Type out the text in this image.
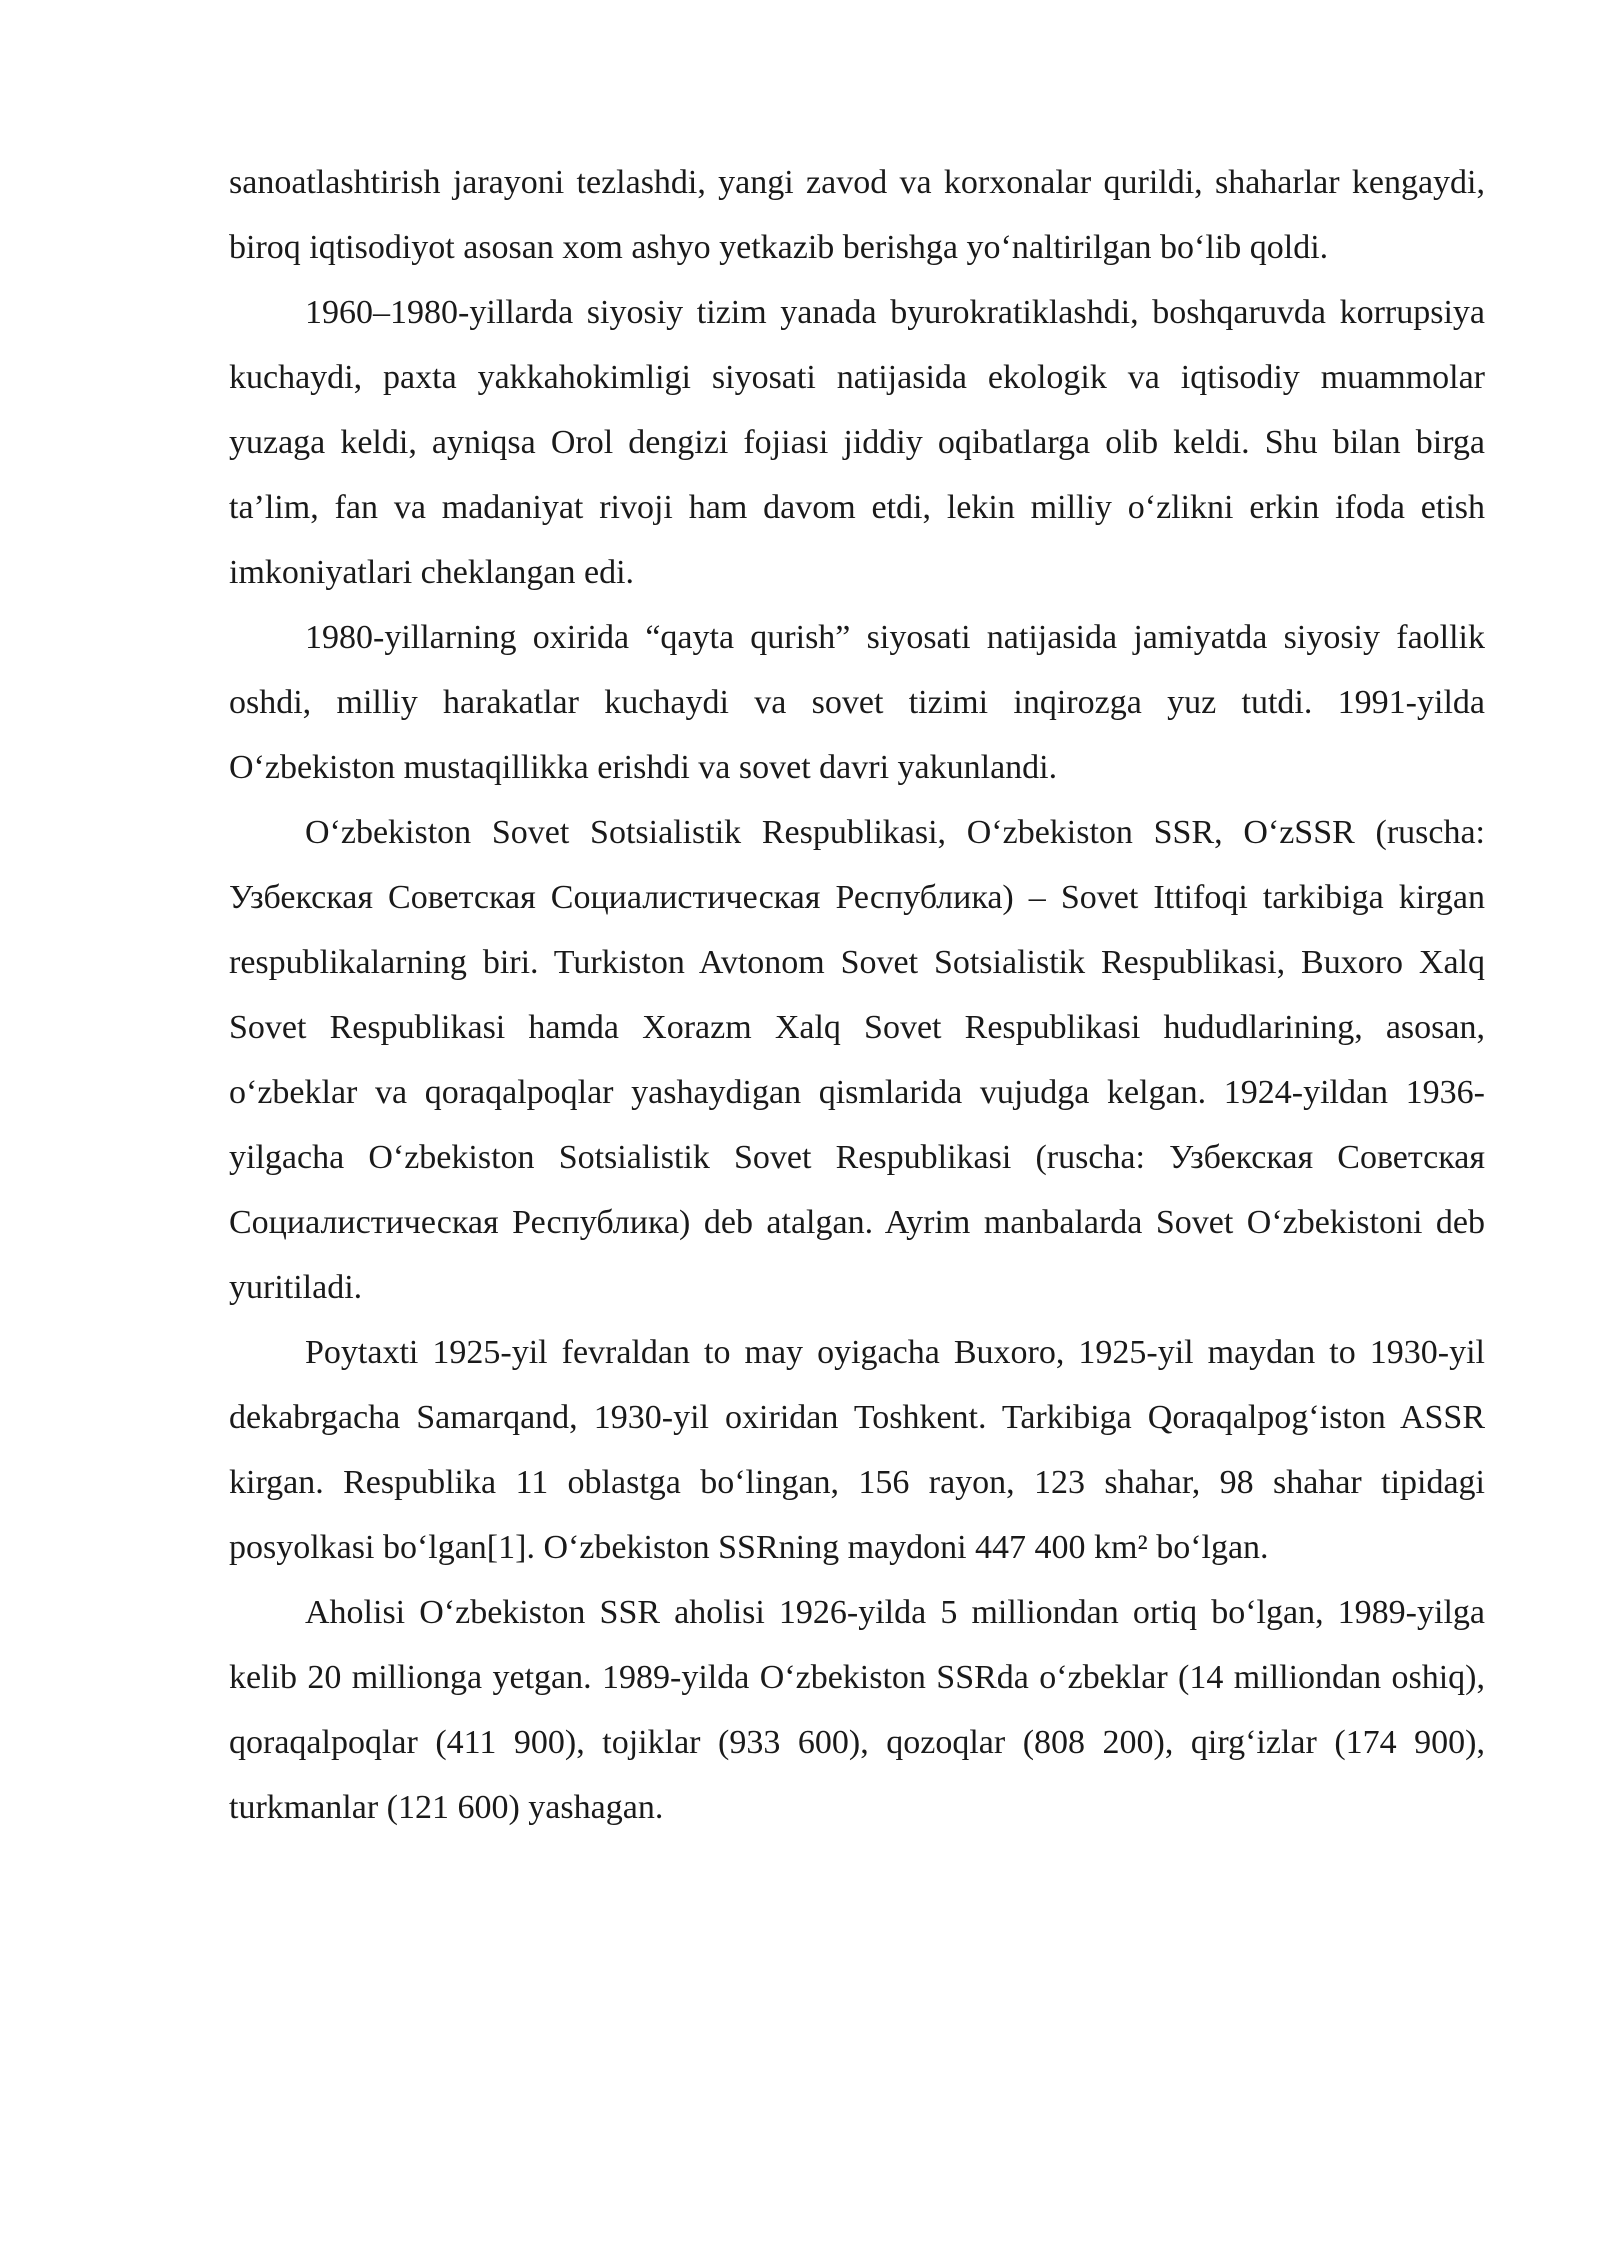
sanoatlashtirish jarayoni tezlashdi, yangi zavod va korxonalar qurildi, shaharlar kengaydi, biroq iqtisodiyot asosan xom ashyo yetkazib berishga yo‘naltirilgan bo‘lib qoldi.

1960–1980-yillarda siyosiy tizim yanada byurokratiklashdi, boshqaruvda korrupsiya kuchaydi, paxta yakkahokimligi siyosati natijasida ekologik va iqtisodiy muammolar yuzaga keldi, ayniqsa Orol dengizi fojiasi jiddiy oqibatlarga olib keldi. Shu bilan birga ta’lim, fan va madaniyat rivoji ham davom etdi, lekin milliy o‘zlikni erkin ifoda etish imkoniyatlari cheklangan edi.

1980-yillarning oxirida “qayta qurish” siyosati natijasida jamiyatda siyosiy faollik oshdi, milliy harakatlar kuchaydi va sovet tizimi inqirozga yuz tutdi. 1991-yilda O‘zbekiston mustaqillikka erishdi va sovet davri yakunlandi.

O‘zbekiston Sovet Sotsialistik Respublikasi, O‘zbekiston SSR, O‘zSSR (ruscha: Узбекская Советская Социалистическая Республика) – Sovet Ittifoqi tarkibiga kirgan respublikalarning biri. Turkiston Avtonom Sovet Sotsialistik Respublikasi, Buxoro Xalq Sovet Respublikasi hamda Xorazm Xalq Sovet Respublikasi hududlarining, asosan, o‘zbeklar va qoraqalpoqlar yashaydigan qismlarida vujudga kelgan. 1924-yildan 1936-yilgacha O‘zbekiston Sotsialistik Sovet Respublikasi (ruscha: Узбекская Советская Социалистическая Республика) deb atalgan. Ayrim manbalarda Sovet O‘zbekistoni deb yuritiladi.

Poytaxti 1925-yil fevraldan to may oyigacha Buxoro, 1925-yil maydan to 1930-yil dekabrgacha Samarqand, 1930-yil oxiridan Toshkent. Tarkibiga Qoraqalpog‘iston ASSR kirgan. Respublika 11 oblastga bo‘lingan, 156 rayon, 123 shahar, 98 shahar tipidagi posyolkasi bo‘lgan[1]. O‘zbekiston SSRning maydoni 447 400 km² bo‘lgan.

Aholisi O‘zbekiston SSR aholisi 1926-yilda 5 milliondan ortiq bo‘lgan, 1989-yilga kelib 20 millionga yetgan. 1989-yilda O‘zbekiston SSRda o‘zbeklar (14 milliondan oshiq), qoraqalpoqlar (411 900), tojiklar (933 600), qozoqlar (808 200), qirg‘izlar (174 900), turkmanlar (121 600) yashagan.
